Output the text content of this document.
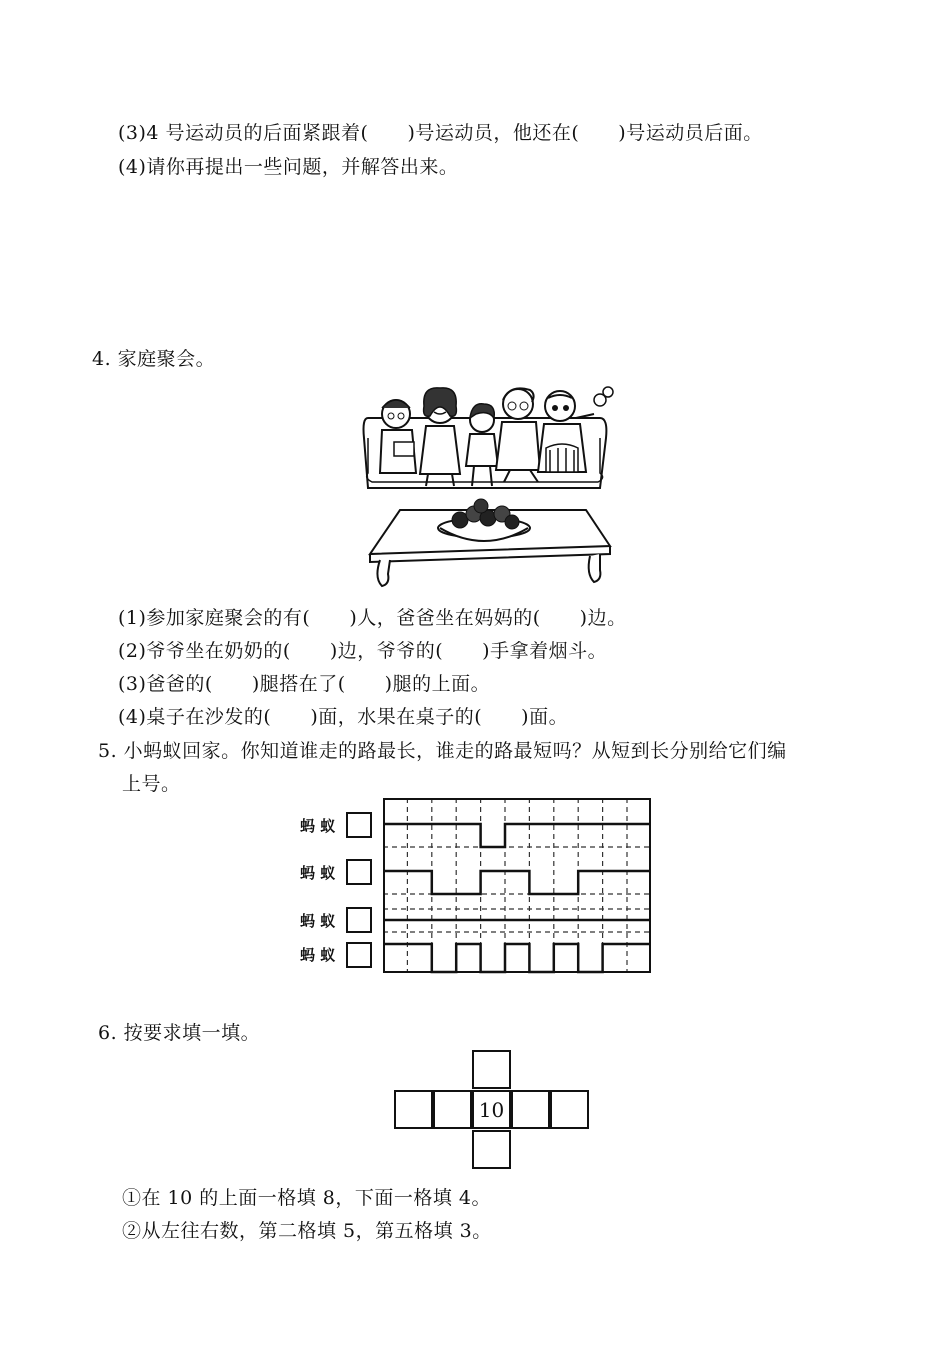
(3)4 号运动员的后面紧跟着(　　)号运动员，他还在(　　)号运动员后面。
(4)请你再提出一些问题，并解答出来。
4. 家庭聚会。
(1)参加家庭聚会的有(　　)人，爸爸坐在妈妈的(　　)边。
(2)爷爷坐在奶奶的(　　)边，爷爷的(　　)手拿着烟斗。
(3)爸爸的(　　)腿搭在了(　　)腿的上面。
(4)桌子在沙发的(　　)面，水果在桌子的(　　)面。
5. 小蚂蚁回家。你知道谁走的路最长，谁走的路最短吗？从短到长分别给它们编
上号。
蚂 蚁
蚂 蚁
蚂 蚁
蚂 蚁
6. 按要求填一填。
10
①在 10 的上面一格填 8，下面一格填 4。
②从左往右数，第二格填 5，第五格填 3。
